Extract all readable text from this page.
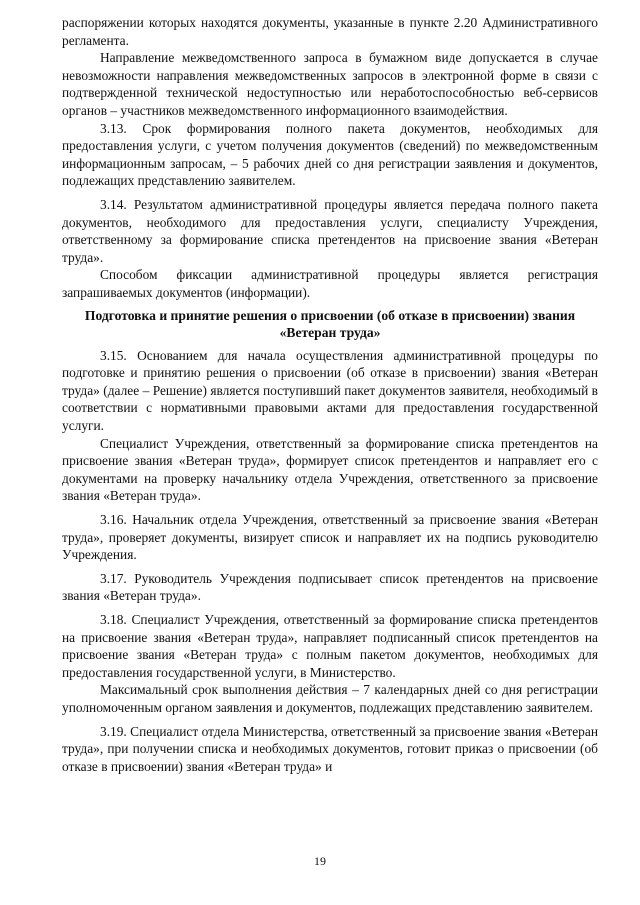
распоряжении которых находятся документы, указанные в пункте 2.20 Административного регламента.

Направление межведомственного запроса в бумажном виде допускается в случае невозможности направления межведомственных запросов в электронной форме в связи с подтвержденной технической недоступностью или неработоспособностью веб-сервисов органов – участников межведомственного информационного взаимодействия.

3.13. Срок формирования полного пакета документов, необходимых для предоставления услуги, с учетом получения документов (сведений) по межведомственным информационным запросам, – 5 рабочих дней со дня регистрации заявления и документов, подлежащих представлению заявителем.

3.14. Результатом административной процедуры является передача полного пакета документов, необходимого для предоставления услуги, специалисту Учреждения, ответственному за формирование списка претендентов на присвоение звания «Ветеран труда».

Способом фиксации административной процедуры является регистрация запрашиваемых документов (информации).

Подготовка и принятие решения о присвоении (об отказе в присвоении) звания «Ветеран труда»

3.15. Основанием для начала осуществления административной процедуры по подготовке и принятию решения о присвоении (об отказе в присвоении) звания «Ветеран труда» (далее – Решение) является поступивший пакет документов заявителя, необходимый в соответствии с нормативными правовыми актами для предоставления государственной услуги.

Специалист Учреждения, ответственный за формирование списка претендентов на присвоение звания «Ветеран труда», формирует список претендентов и направляет его с документами на проверку начальнику отдела Учреждения, ответственного за присвоение звания «Ветеран труда».

3.16. Начальник отдела Учреждения, ответственный за присвоение звания «Ветеран труда», проверяет документы, визирует список и направляет их на подпись руководителю Учреждения.

3.17. Руководитель Учреждения подписывает список претендентов на присвоение звания «Ветеран труда».

3.18. Специалист Учреждения, ответственный за формирование списка претендентов на присвоение звания «Ветеран труда», направляет подписанный список претендентов на присвоение звания «Ветеран труда» с полным пакетом документов, необходимых для предоставления государственной услуги, в Министерство.

Максимальный срок выполнения действия – 7 календарных дней со дня регистрации уполномоченным органом заявления и документов, подлежащих представлению заявителем.

3.19. Специалист отдела Министерства, ответственный за присвоение звания «Ветеран труда», при получении списка и необходимых документов, готовит приказ о присвоении (об отказе в присвоении) звания «Ветеран труда» и

19
